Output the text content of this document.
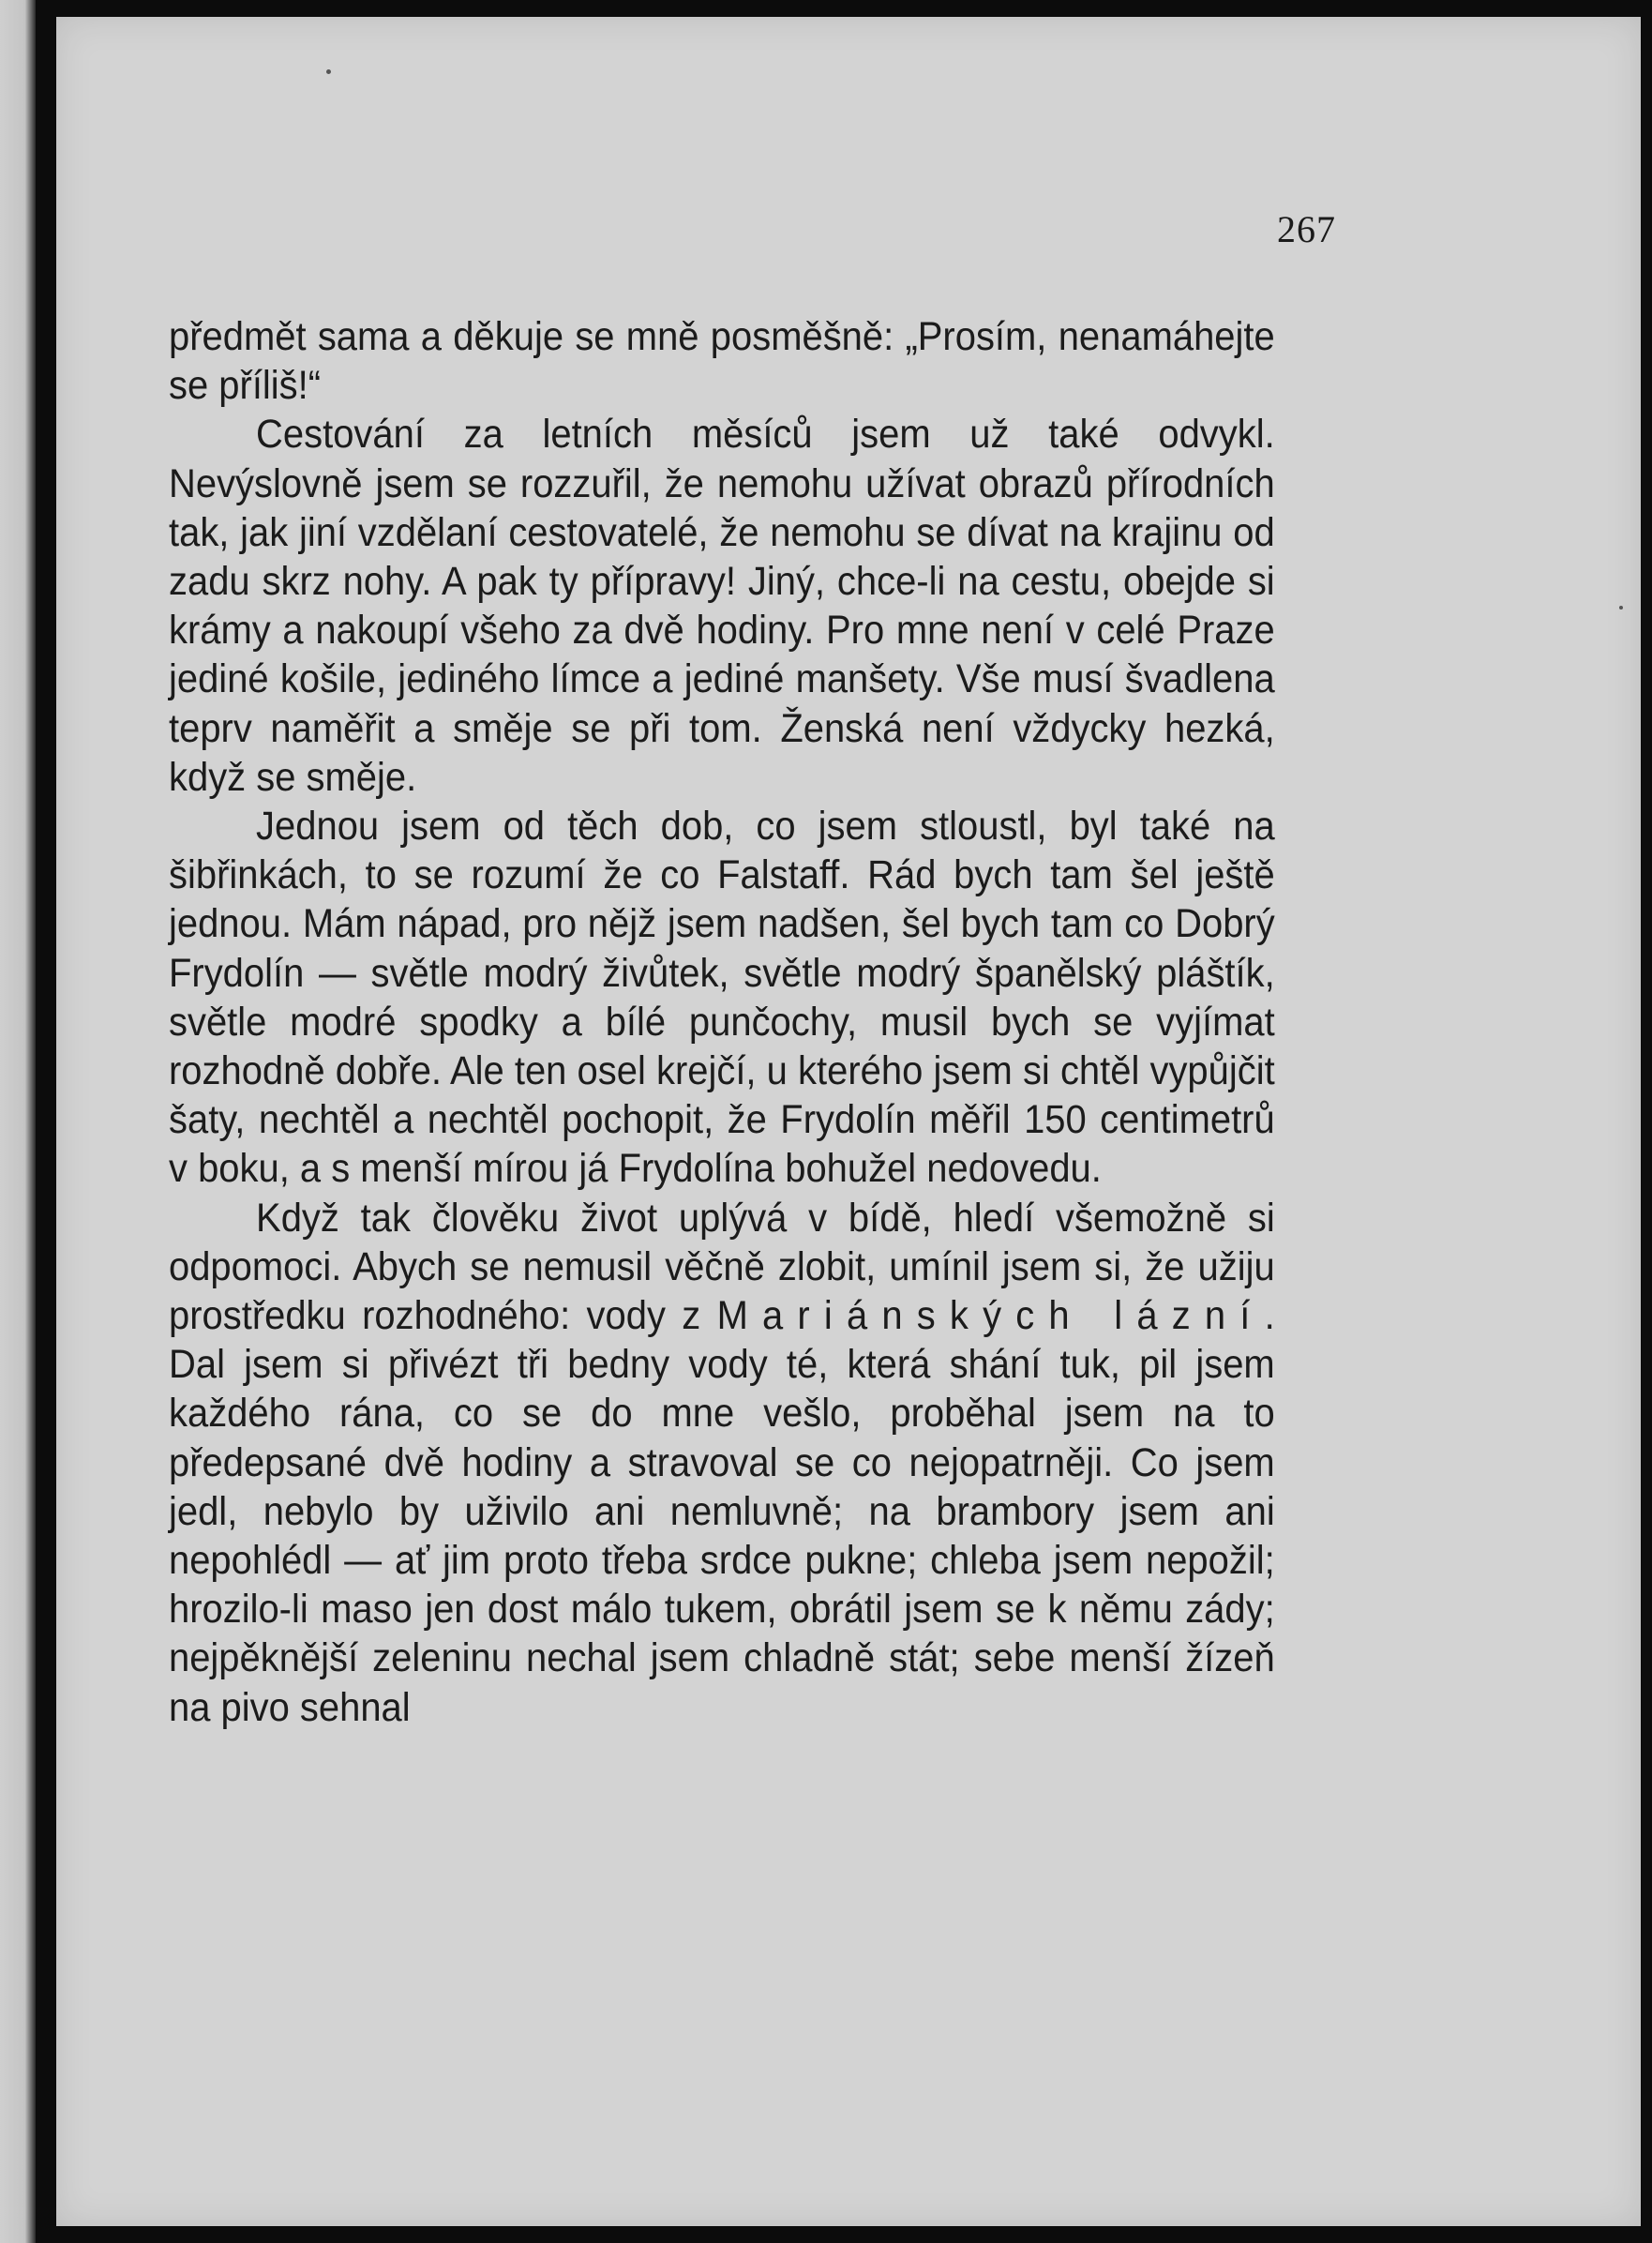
267

předmět sama a děkuje se mně posměšně: „Prosím, nenamáhejte se příliš!“

Cestování za letních měsíců jsem už také odvykl. Nevýslovně jsem se rozzuřil, že nemohu užívat obrazů přírodních tak, jak jiní vzdělaní cestovatelé, že nemohu se dívat na krajinu od zadu skrz nohy. A pak ty přípravy! Jiný, chce-li na cestu, obejde si krámy a nakoupí všeho za dvě hodiny. Pro mne není v celé Praze jediné košile, jediného límce a jediné manšety. Vše musí švadlena teprv naměřit a směje se při tom. Ženská není vždycky hezká, když se směje.

Jednou jsem od těch dob, co jsem stloustl, byl také na šibřinkách, to se rozumí že co Falstaff. Rád bych tam šel ještě jednou. Mám nápad, pro nějž jsem nadšen, šel bych tam co Dobrý Frydolín — světle modrý živůtek, světle modrý španělský pláštík, světle modré spodky a bílé punčochy, musil bych se vyjímat rozhodně dobře. Ale ten osel krejčí, u kterého jsem si chtěl vypůjčit šaty, nechtěl a nechtěl pochopit, že Frydolín měřil 150 centimetrů v boku, a s menší mírou já Frydolína bohužel nedovedu.

Když tak člověku život uplývá v bídě, hledí všemožně si odpomoci. Abych se nemusil věčně zlobit, umínil jsem si, že užiju prostředku rozhodného: vody z Mariánských lázní. Dal jsem si přivézt tři bedny vody té, která shání tuk, pil jsem každého rána, co se do mne vešlo, proběhal jsem na to předepsané dvě hodiny a stravoval se co nejopatrněji. Co jsem jedl, nebylo by uživilo ani nemluvně; na brambory jsem ani nepohlédl — ať jim proto třeba srdce pukne; chleba jsem nepožil; hrozilo-li maso jen dost málo tukem, obrátil jsem se k němu zády; nejpěknější zeleninu nechal jsem chladně stát; sebe menší žízeň na pivo sehnal
